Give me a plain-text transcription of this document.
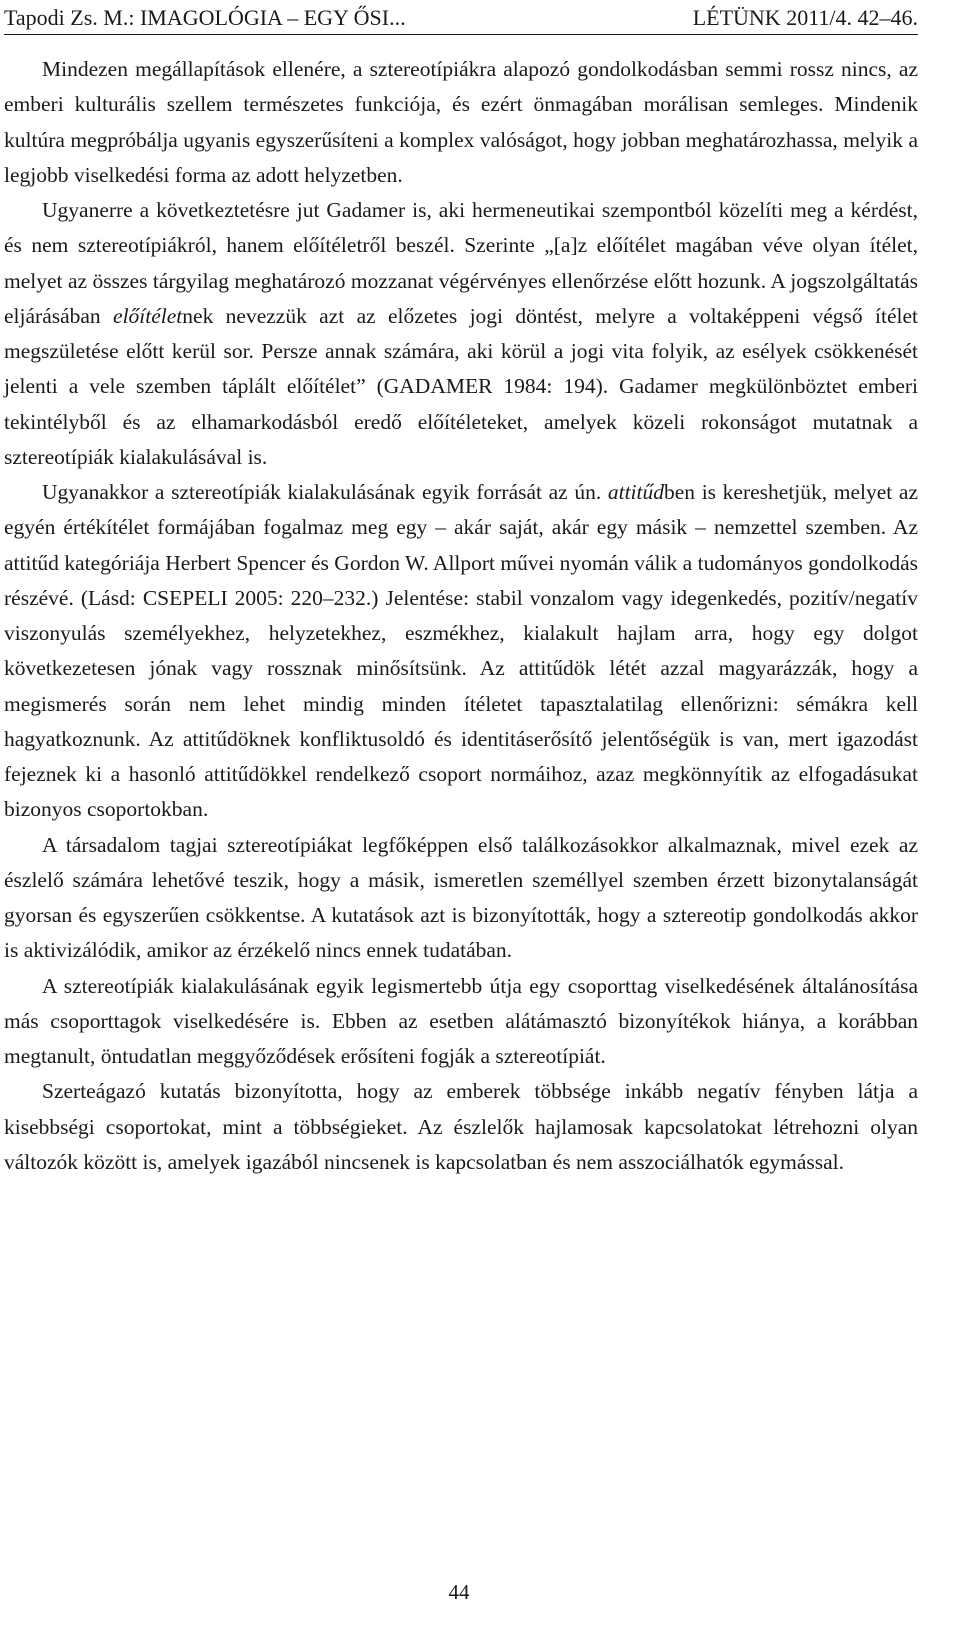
Tapodi Zs. M.: IMAGOLÓGIA – EGY ŐSI...	LÉTÜNK 2011/4. 42–46.

Mindezen megállapítások ellenére, a sztereotípiákra alapozó gondolkodásban semmi rossz nincs, az emberi kulturális szellem természetes funkciója, és ezért önmagában morálisan semleges. Mindenik kultúra megpróbálja ugyanis egyszerűsíteni a komplex valóságot, hogy jobban meghatározhassa, melyik a legjobb viselkedési forma az adott helyzetben.

Ugyanerre a következtetésre jut Gadamer is, aki hermeneutikai szempontból közelíti meg a kérdést, és nem sztereotípiákról, hanem előítéletről beszél. Szerinte „[a]z előítélet magában véve olyan ítélet, melyet az összes tárgyilag meghatározó mozzanat végérvényes ellenőrzése előtt hozunk. A jogszolgáltatás eljárásában előítéletnek nevezzük azt az előzetes jogi döntést, melyre a voltaképpeni végső ítélet megszületése előtt kerül sor. Persze annak számára, aki körül a jogi vita folyik, az esélyek csökkenését jelenti a vele szemben táplált előítélet” (GADAMER 1984: 194). Gadamer megkülönböztet emberi tekintélyből és az elhamarkodásból eredő előítéleteket, amelyek közeli rokonságot mutatnak a sztereotípiák kialakulásával is.

Ugyanakkor a sztereotípiák kialakulásának egyik forrását az ún. attitűdben is kereshetjük, melyet az egyén értékítélet formájában fogalmaz meg egy – akár saját, akár egy másik – nemzettel szemben. Az attitűd kategóriája Herbert Spencer és Gordon W. Allport művei nyomán válik a tudományos gondolkodás részévé. (Lásd: CSEPELI 2005: 220–232.) Jelentése: stabil vonzalom vagy idegenkedés, pozitív/negatív viszonyulás személyekhez, helyzetekhez, eszmékhez, kialakult hajlam arra, hogy egy dolgot következetesen jónak vagy rossznak minősítsünk. Az attitűdök létét azzal magyarázzák, hogy a megismerés során nem lehet mindig minden ítéletet tapasztalatilag ellenőrizni: sémákra kell hagyatkoznunk. Az attitűdöknek konfliktusoldó és identitáserősítő jelentőségük is van, mert igazodást fejeznek ki a hasonló attitűdökkel rendelkező csoport normáihoz, azaz megkönnyítik az elfogadásukat bizonyos csoportokban.

A társadalom tagjai sztereotípiákat legfőképpen első találkozásokkor alkalmaznak, mivel ezek az észlelő számára lehetővé teszik, hogy a másik, ismeretlen személlyel szemben érzett bizonytalanságát gyorsan és egyszerűen csökkentse. A kutatások azt is bizonyították, hogy a sztereotip gondolkodás akkor is aktivizálódik, amikor az érzékelő nincs ennek tudatában.

A sztereotípiák kialakulásának egyik legismertebb útja egy csoporttag viselkedésének általánosítása más csoporttagok viselkedésére is. Ebben az esetben alátámasztó bizonyítékok hiánya, a korábban megtanult, öntudatlan meggyőződések erősíteni fogják a sztereotípiát.

Szerteágazó kutatás bizonyította, hogy az emberek többsége inkább negatív fényben látja a kisebbségi csoportokat, mint a többségieket. Az észlelők hajlamosak kapcsolatokat létrehozni olyan változók között is, amelyek igazából nincsenek is kapcsolatban és nem asszociálhatók egymással.

44
